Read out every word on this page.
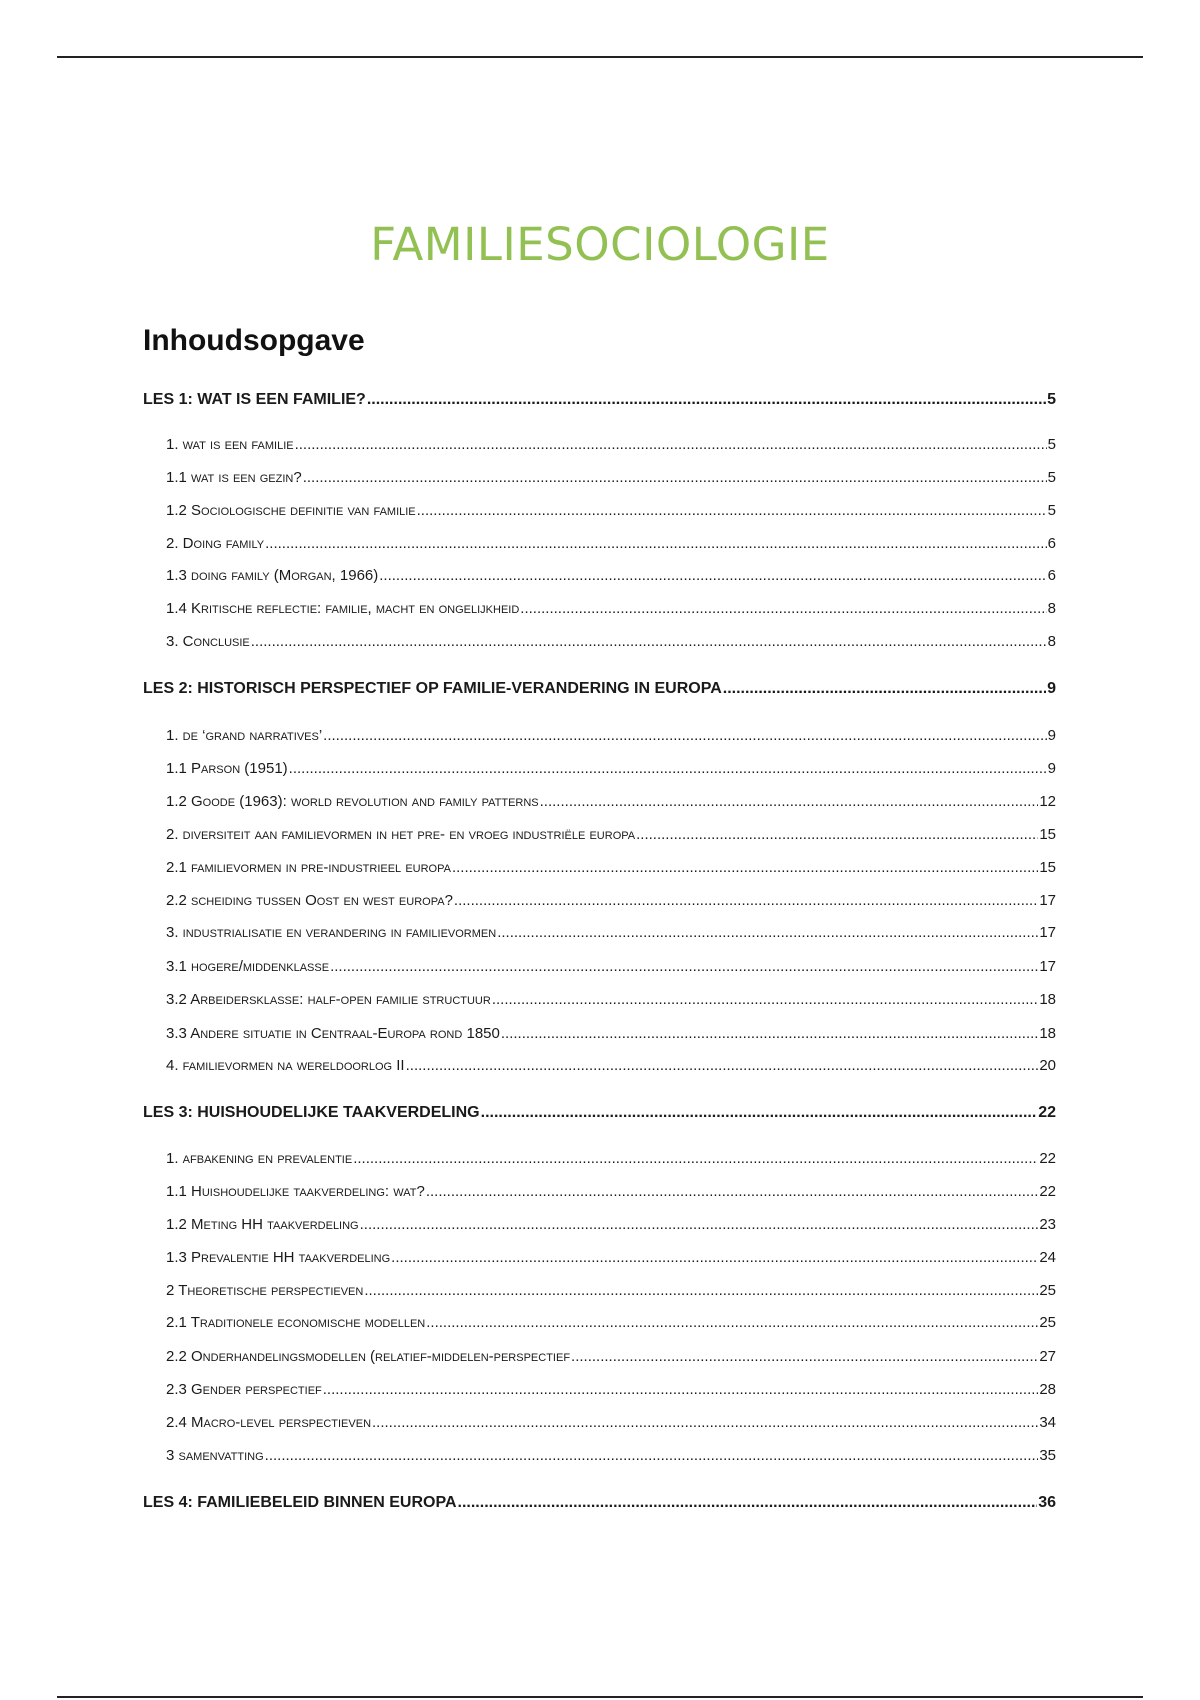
FAMILIESOCIOLOGIE
Inhoudsopgave
LES 1: WAT IS EEN FAMILIE? .....	5
1. wat is een familie .....	5
1.1 wat is een gezin? .....	5
1.2 Sociologische definitie van familie .....	5
2. Doing family .....	6
1.3 doing family (Morgan, 1966) .....	6
1.4 Kritische reflectie: familie, macht en ongelijkheid .....	8
3. Conclusie .....	8
LES 2: HISTORISCH PERSPECTIEF OP FAMILIE-VERANDERING IN EUROPA .....	9
1. de ‘grand narratives’ .....	9
1.1 Parson (1951) .....	9
1.2 Goode (1963): world revolution and family patterns .....	12
2. diversiteit aan familievormen in het pre- en vroeg industriële europa .....	15
2.1 familievormen in pre-industrieel europa .....	15
2.2 scheiding tussen Oost en west europa? .....	17
3. industrialisatie en verandering in familievormen .....	17
3.1 hogere/middenklasse .....	17
3.2 Arbeidersklasse: half-open familie structuur .....	18
3.3 Andere situatie in Centraal-Europa rond 1850 .....	18
4. familievormen na wereldoorlog II .....	20
LES 3: HUISHOUDELIJKE TAAKVERDELING .....	22
1. afbakening en prevalentie .....	22
1.1 Huishoudelijke taakverdeling: wat? .....	22
1.2 Meting HH taakverdeling .....	23
1.3 Prevalentie HH taakverdeling .....	24
2 Theoretische perspectieven .....	25
2.1 Traditionele economische modellen .....	25
2.2 Onderhandelingsmodellen (relatief-middelen-perspectief .....	27
2.3 Gender perspectief .....	28
2.4 Macro-level perspectieven .....	34
3 samenvatting .....	35
LES 4: FAMILIEBELEID BINNEN EUROPA .....	36
